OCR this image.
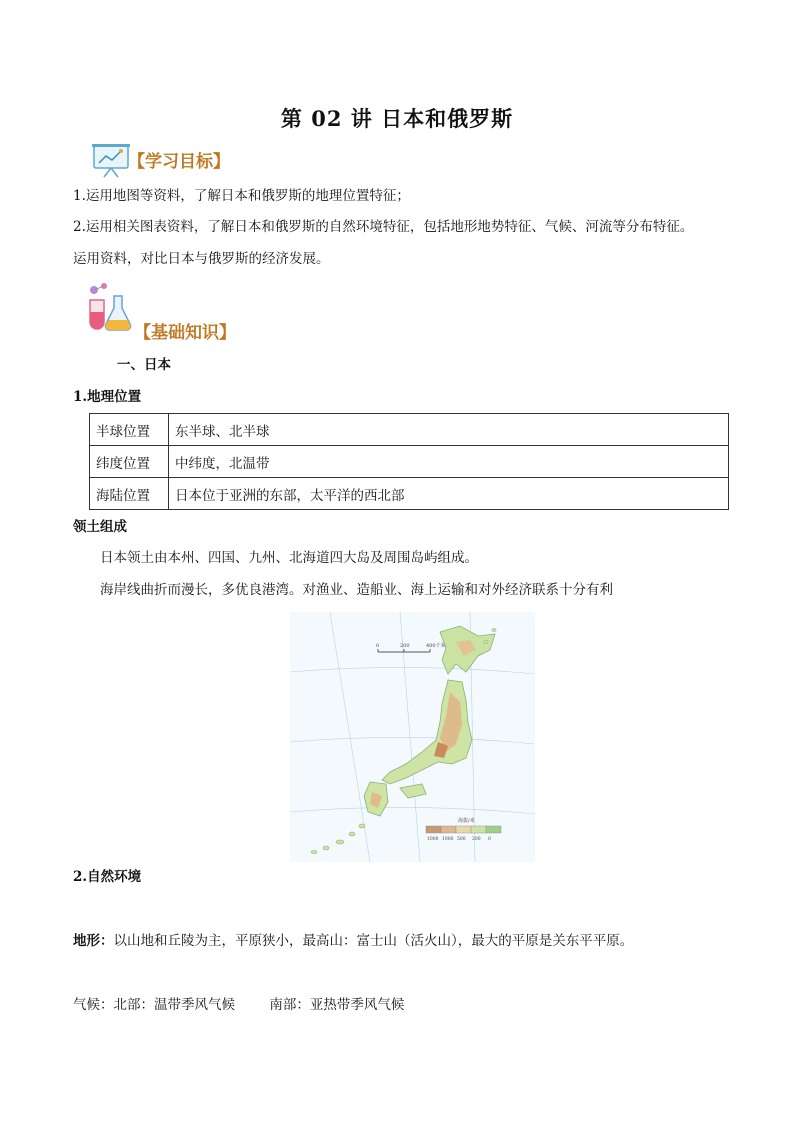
第 02 讲 日本和俄罗斯
【学习目标】
1.运用地图等资料，了解日本和俄罗斯的地理位置特征；
2.运用相关图表资料，了解日本和俄罗斯的自然环境特征，包括地形地势特征、气候、河流等分布特征。
运用资料，对比日本与俄罗斯的经济发展。
【基础知识】
一、日本
1.地理位置
半球位置	东半球、北半球
纬度位置	中纬度，北温带
海陆位置	日本位于亚洲的东部，太平洋的西北部
领土组成
日本领土由本州、四国、九州、北海道四大岛及周围岛屿组成。
海岸线曲折而漫长，多优良港湾。对渔业、造船业、海上运输和对外经济联系十分有利
0	200	400千米
海拔/米
1000 1000 500 200 0
2.自然环境
地形：以山地和丘陵为主，平原狭小，最高山：富士山（活火山），最大的平原是关东平平原。
气候：北部：温带季风气候        南部：亚热带季风气候
